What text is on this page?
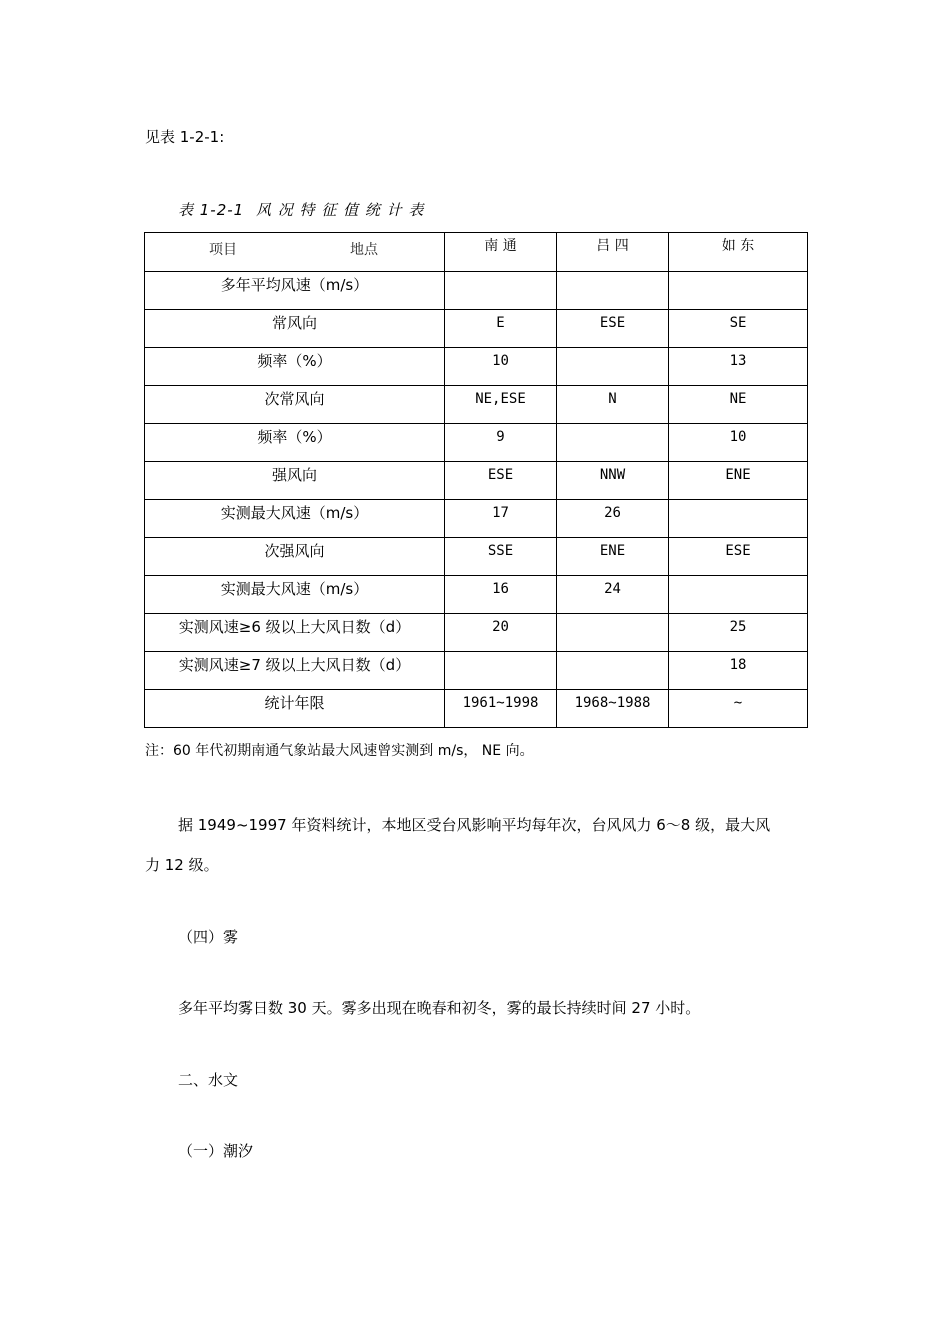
见表 1-2-1:
表 1-2-1 风 况 特 征 值 统 计 表
项目 地点	南 通	吕 四	如 东
多年平均风速（m/s）			
常风向	E	ESE	SE
频率（%）	10		13
次常风向	NE,ESE	N	NE
频率（%）	9		10
强风向	ESE	NNW	ENE
实测最大风速（m/s）	17	26	
次强风向	SSE	ENE	ESE
实测最大风速（m/s）	16	24	
实测风速≥6 级以上大风日数（d）	20		25
实测风速≥7 级以上大风日数（d）			18
统计年限	1961~1998	1968~1988	~
注：60 年代初期南通气象站最大风速曾实测到 m/s， NE 向。
据 1949~1997 年资料统计，本地区受台风影响平均每年次，台风风力 6～8 级，最大风
力 12 级。
（四）雾
多年平均雾日数 30 天。雾多出现在晚春和初冬，雾的最长持续时间 27 小时。
二、水文
（一）潮汐
